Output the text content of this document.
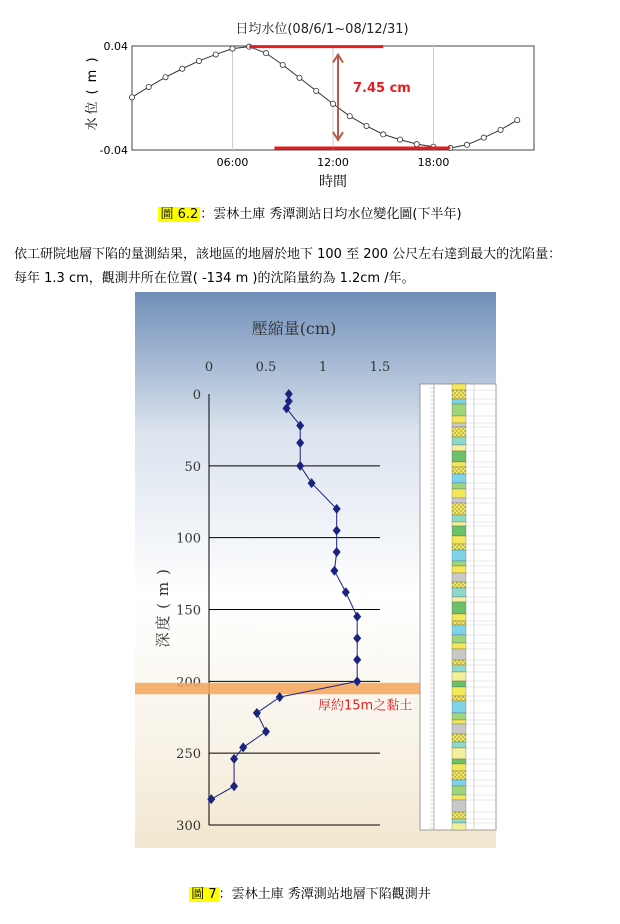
日均水位(08/6/1~08/12/31)
水
位
(
m
)
0.04
-0.04
06:00	12:00	18:00
時間
7.45 cm
圖 6.2 ：雲林土庫 秀潭測站日均水位變化圖(下半年)
依工研院地層下陷的量測結果，該地區的地層於地下 100 至 200 公尺左右達到最大的沈陷量：
每年 1.3 cm，觀測井所在位置( -134 m )的沈陷量約為 1.2cm /年。
壓縮量(cm)
0	0.5	1	1.5
深
度
(
m
)
0
50
100
150
250
300
厚約15m之黏土
圖 7 ：雲林土庫 秀潭測站地層下陷觀測井
